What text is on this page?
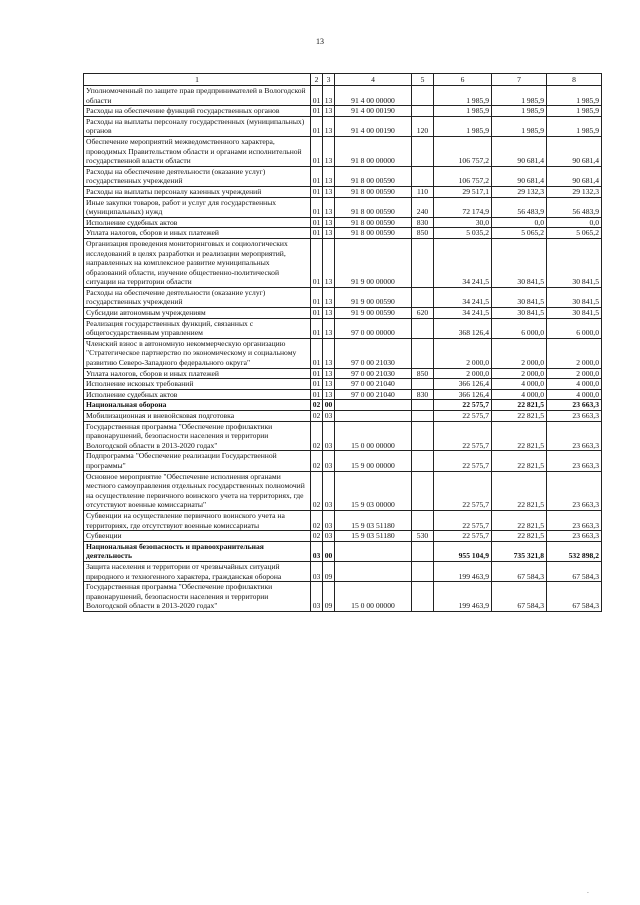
13
1	2	3	4	5	6	7	8
Уполномоченный по защите прав предпринимателей в Вологодской области	01	13	91 4 00 00000		1 985,9	1 985,9	1 985,9
Расходы на обеспечение функций государственных органов	01	13	91 4 00 00190		1 985,9	1 985,9	1 985,9
Расходы на выплаты персоналу государственных (муниципальных) органов	01	13	91 4 00 00190	120	1 985,9	1 985,9	1 985,9
Обеспечение мероприятий межведомственного характера, проводимых Правительством области и органами исполнительной государственной власти области	01	13	91 8 00 00000		106 757,2	90 681,4	90 681,4
Расходы на обеспечение деятельности (оказание услуг) государственных учреждений	01	13	91 8 00 00590		106 757,2	90 681,4	90 681,4
Расходы на выплаты персоналу казенных учреждений	01	13	91 8 00 00590	110	29 517,1	29 132,3	29 132,3
Иные закупки товаров, работ и услуг для государственных (муниципальных) нужд	01	13	91 8 00 00590	240	72 174,9	56 483,9	56 483,9
Исполнение судебных актов	01	13	91 8 00 00590	830	30,0	0,0	0,0
Уплата налогов, сборов и иных платежей	01	13	91 8 00 00590	850	5 035,2	5 065,2	5 065,2
Организация проведения мониторинговых и социологических исследований в целях разработки и реализации мероприятий, направленных на комплексное развитие муниципальных образований области, изучение общественно-политической ситуации на территории области	01	13	91 9 00 00000		34 241,5	30 841,5	30 841,5
Расходы на обеспечение деятельности (оказание услуг) государственных учреждений	01	13	91 9 00 00590		34 241,5	30 841,5	30 841,5
Субсидии автономным учреждениям	01	13	91 9 00 00590	620	34 241,5	30 841,5	30 841,5
Реализация государственных функций, связанных с общегосударственным управлением	01	13	97 0 00 00000		368 126,4	6 000,0	6 000,0
Членский взнос в автономную некоммерческую организацию "Стратегическое партнерство по экономическому и социальному развитию Северо-Западного федерального округа"	01	13	97 0 00 21030		2 000,0	2 000,0	2 000,0
Уплата налогов, сборов и иных платежей	01	13	97 0 00 21030	850	2 000,0	2 000,0	2 000,0
Исполнение исковых требований	01	13	97 0 00 21040		366 126,4	4 000,0	4 000,0
Исполнение судебных актов	01	13	97 0 00 21040	830	366 126,4	4 000,0	4 000,0
Национальная оборона	02	00			22 575,7	22 821,5	23 663,3
Мобилизационная и вневойсковая подготовка	02	03			22 575,7	22 821,5	23 663,3
Государственная программа "Обеспечение профилактики правонарушений, безопасности населения и территории Вологодской области в 2013-2020 годах"	02	03	15 0 00 00000		22 575,7	22 821,5	23 663,3
Подпрограмма "Обеспечение реализации Государственной программы"	02	03	15 9 00 00000		22 575,7	22 821,5	23 663,3
Основное мероприятие "Обеспечение исполнения органами местного самоуправления отдельных государственных полномочий на осуществление первичного воинского учета на территориях, где отсутствуют военные комиссариаты"	02	03	15 9 03 00000		22 575,7	22 821,5	23 663,3
Субвенции на осуществление первичного воинского учета на территориях, где отсутствуют военные комиссариаты	02	03	15 9 03 51180		22 575,7	22 821,5	23 663,3
Субвенции	02	03	15 9 03 51180	530	22 575,7	22 821,5	23 663,3
Национальная безопасность и правоохранительная деятельность	03	00			955 104,9	735 321,8	532 898,2
Защита населения и территории от чрезвычайных ситуаций природного и техногенного характера, гражданская оборона	03	09			199 463,9	67 584,3	67 584,3
Государственная программа "Обеспечение профилактики правонарушений, безопасности населения и территории Вологодской области в 2013-2020 годах"	03	09	15 0 00 00000		199 463,9	67 584,3	67 584,3
ˇ
